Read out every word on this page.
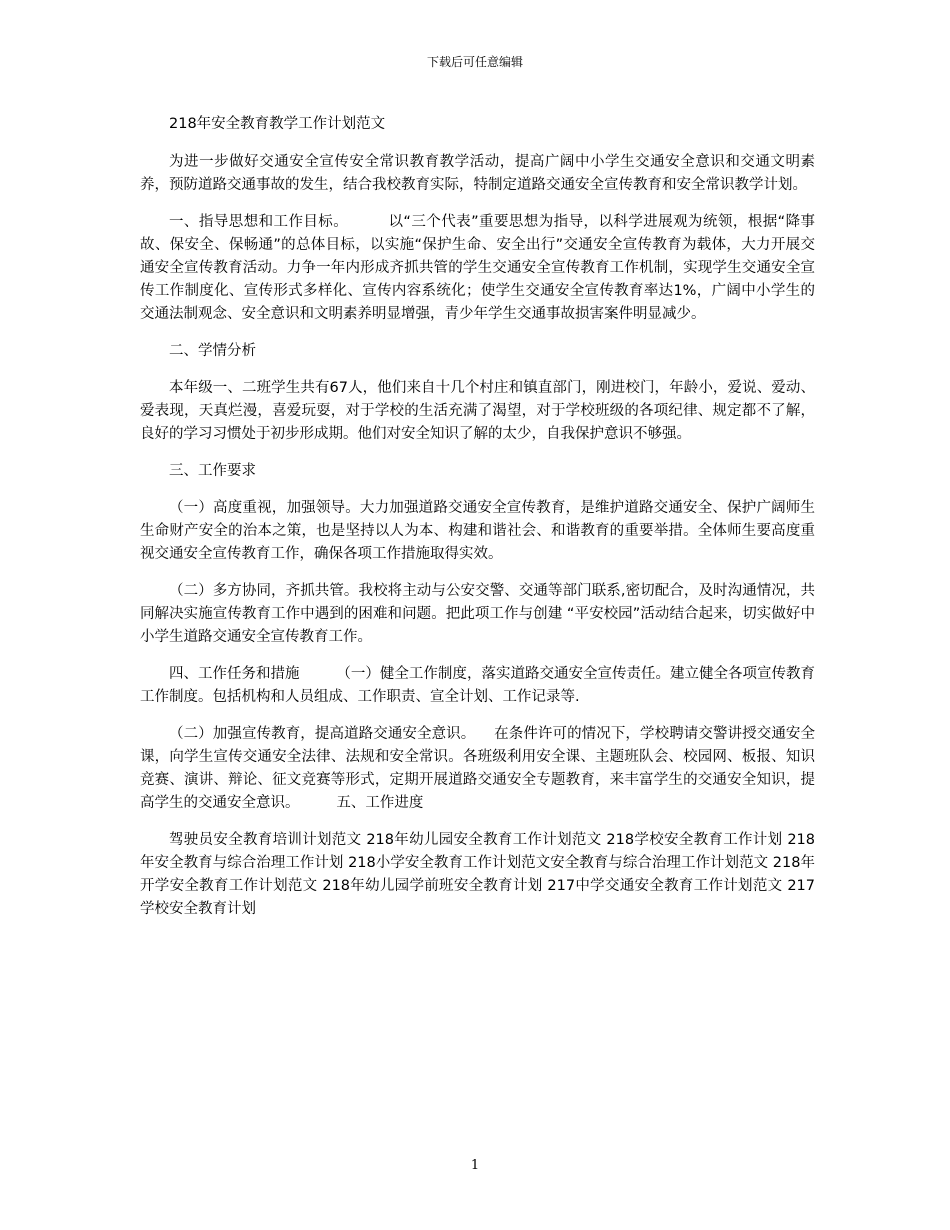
下载后可任意编辑

218年安全教育教学工作计划范文

为进一步做好交通安全宣传安全常识教育教学活动，提高广阔中小学生交通安全意识和交通文明素养，预防道路交通事故的发生，结合我校教育实际，特制定道路交通安全宣传教育和安全常识教学计划。

一、指导思想和工作目标。        以“三个代表”重要思想为指导，以科学进展观为统领，根据“降事故、保安全、保畅通”的总体目标，以实施“保护生命、安全出行”交通安全宣传教育为载体，大力开展交通安全宣传教育活动。力争一年内形成齐抓共管的学生交通安全宣传教育工作机制，实现学生交通安全宣传工作制度化、宣传形式多样化、宣传内容系统化；使学生交通安全宣传教育率达1%，广阔中小学生的交通法制观念、安全意识和文明素养明显增强，青少年学生交通事故损害案件明显减少。

二、学情分析

本年级一、二班学生共有67人，他们来自十几个村庄和镇直部门，刚进校门，年龄小，爱说、爱动、爱表现，天真烂漫，喜爱玩耍，对于学校的生活充满了渴望，对于学校班级的各项纪律、规定都不了解，良好的学习习惯处于初步形成期。他们对安全知识了解的太少，自我保护意识不够强。

三、工作要求

（一）高度重视，加强领导。大力加强道路交通安全宣传教育，是维护道路交通安全、保护广阔师生生命财产安全的治本之策，也是坚持以人为本、构建和谐社会、和谐教育的重要举措。全体师生要高度重视交通安全宣传教育工作，确保各项工作措施取得实效。

（二）多方协同，齐抓共管。我校将主动与公安交警、交通等部门联系,密切配合，及时沟通情况，共同解决实施宣传教育工作中遇到的困难和问题。把此项工作与创建 “平安校园”活动结合起来，切实做好中小学生道路交通安全宣传教育工作。

四、工作任务和措施        （一）健全工作制度，落实道路交通安全宣传责任。建立健全各项宣传教育工作制度。包括机构和人员组成、工作职责、宣全计划、工作记录等.

（二）加强宣传教育，提高道路交通安全意识。    在条件许可的情况下，学校聘请交警讲授交通安全课，向学生宣传交通安全法律、法规和安全常识。各班级利用安全课、主题班队会、校园网、板报、知识竞赛、演讲、辩论、征文竞赛等形式，定期开展道路交通安全专题教育，来丰富学生的交通安全知识，提高学生的交通安全意识。        五、工作进度

驾驶员安全教育培训计划范文 218年幼儿园安全教育工作计划范文 218学校安全教育工作计划 218年安全教育与综合治理工作计划 218小学安全教育工作计划范文安全教育与综合治理工作计划范文 218年开学安全教育工作计划范文 218年幼儿园学前班安全教育计划 217中学交通安全教育工作计划范文 217学校安全教育计划

1
